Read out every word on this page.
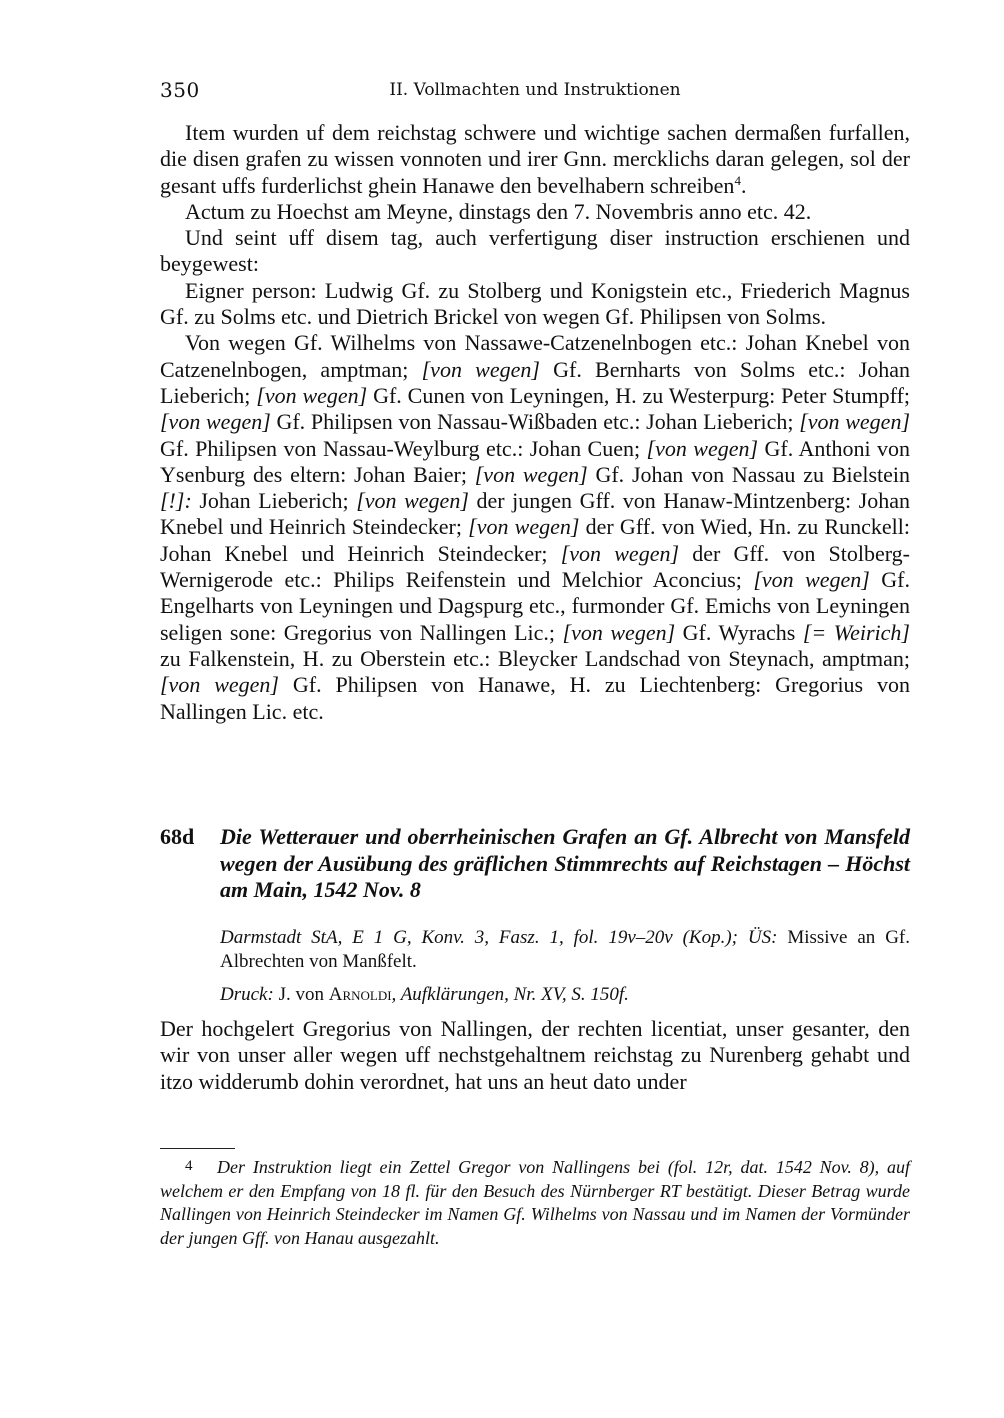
350	II. Vollmachten und Instruktionen

Item wurden uf dem reichstag schwere und wichtige sachen dermaßen furfallen, die disen grafen zu wissen vonnoten und irer Gnn. mercklichs daran gelegen, sol der gesant uffs furderlichst ghein Hanawe den bevelhabern schreiben$^4$.

Actum zu Hoechst am Meyne, dinstags den 7. Novembris anno etc. 42.

Und seint uff disem tag, auch verfertigung diser instruction erschienen und beygewest:

Eigner person: Ludwig Gf. zu Stolberg und Konigstein etc., Friederich Magnus Gf. zu Solms etc. und Dietrich Brickel von wegen Gf. Philipsen von Solms.

Von wegen Gf. Wilhelms von Nassawe-Catzenelnbogen etc.: Johan Knebel von Catzenelnbogen, amptman; [von wegen] Gf. Bernharts von Solms etc.: Johan Lieberich; [von wegen] Gf. Cunen von Leyningen, H. zu Westerpurg: Peter Stumpff; [von wegen] Gf. Philipsen von Nassau-Wißbaden etc.: Johan Lieberich; [von wegen] Gf. Philipsen von Nassau-Weylburg etc.: Johan Cuen; [von wegen] Gf. Anthoni von Ysenburg des eltern: Johan Baier; [von wegen] Gf. Johan von Nassau zu Bielstein [!]: Johan Lieberich; [von wegen] der jungen Gff. von Hanaw-Mintzenberg: Johan Knebel und Heinrich Steindecker; [von wegen] der Gff. von Wied, Hn. zu Runckell: Johan Knebel und Heinrich Steindecker; [von wegen] der Gff. von Stolberg-Wernigerode etc.: Philips Reifenstein und Melchior Aconcius; [von wegen] Gf. Engelharts von Leyningen und Dagspurg etc., furmonder Gf. Emichs von Leyningen seligen sone: Gregorius von Nallingen Lic.; [von wegen] Gf. Wyrachs [= Weirich] zu Falkenstein, H. zu Oberstein etc.: Bleycker Landschad von Steynach, amptman; [von wegen] Gf. Philipsen von Hanawe, H. zu Liechtenberg: Gregorius von Nallingen Lic. etc.

68d Die Wetterauer und oberrheinischen Grafen an Gf. Albrecht von Mansfeld wegen der Ausübung des gräflichen Stimmrechts auf Reichstagen – Höchst am Main, 1542 Nov. 8

Darmstadt StA, E 1 G, Konv. 3, Fasz. 1, fol. 19v–20v (Kop.); ÜS: Missive an Gf. Albrechten von Manßfelt.

Druck: J. von Arnoldi, Aufklärungen, Nr. XV, S. 150f.

Der hochgelert Gregorius von Nallingen, der rechten licentiat, unser gesanter, den wir von unser aller wegen uff nechstgehaltnem reichstag zu Nurenberg gehabt und itzo widderumb dohin verordnet, hat uns an heut dato under

4 Der Instruktion liegt ein Zettel Gregor von Nallingens bei (fol. 12r, dat. 1542 Nov. 8), auf welchem er den Empfang von 18 fl. für den Besuch des Nürnberger RT bestätigt. Dieser Betrag wurde Nallingen von Heinrich Steindecker im Namen Gf. Wilhelms von Nassau und im Namen der Vormünder der jungen Gff. von Hanau ausgezahlt.
